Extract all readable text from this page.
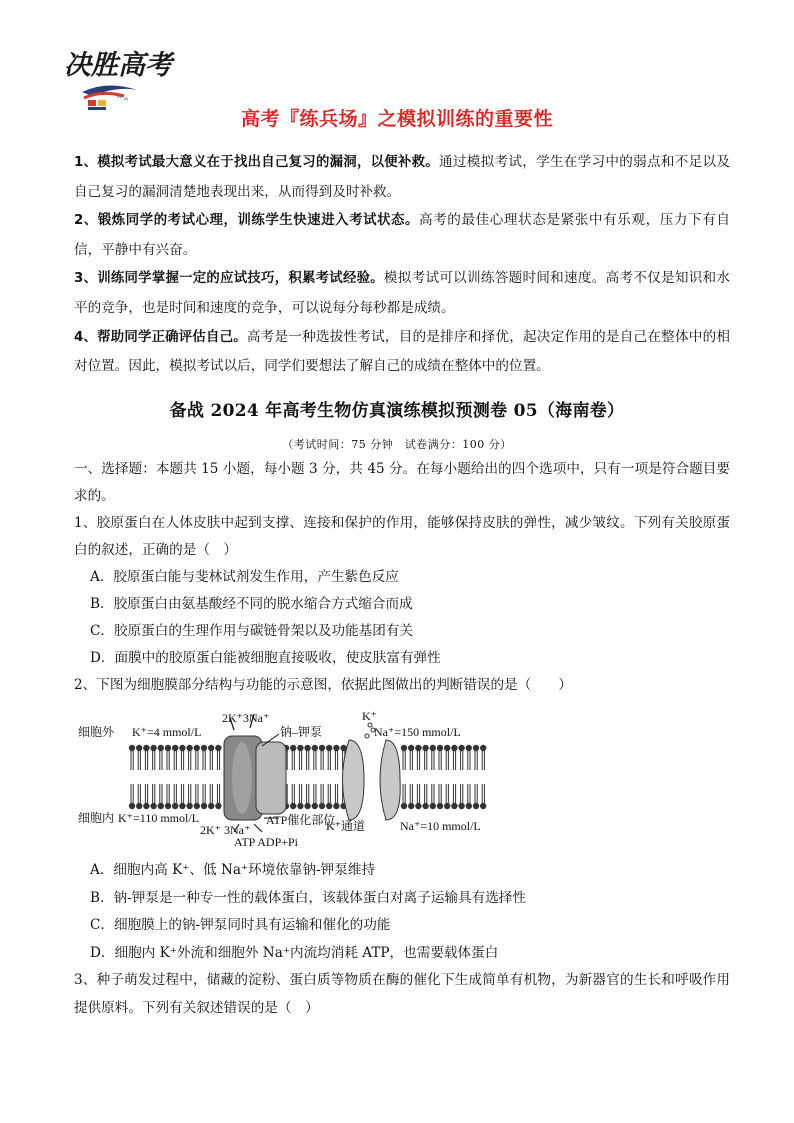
决胜高考
高考『练兵场』之模拟训练的重要性

1、模拟考试最大意义在于找出自己复习的漏洞，以便补救。通过模拟考试，学生在学习中的弱点和不足以及自己复习的漏洞清楚地表现出来，从而得到及时补救。

2、锻炼同学的考试心理，训练学生快速进入考试状态。高考的最佳心理状态是紧张中有乐观，压力下有自信，平静中有兴奋。

3、训练同学掌握一定的应试技巧，积累考试经验。模拟考试可以训练答题时间和速度。高考不仅是知识和水平的竞争，也是时间和速度的竞争，可以说每分每秒都是成绩。

4、帮助同学正确评估自己。高考是一种选拔性考试，目的是排序和择优，起决定作用的是自己在整体中的相对位置。因此，模拟考试以后，同学们要想法了解自己的成绩在整体中的位置。

备战 2024 年高考生物仿真演练模拟预测卷 05（海南卷）
（考试时间：75 分钟　试卷满分：100 分）

一、选择题：本题共 15 小题，每小题 3 分，共 45 分。在每小题给出的四个选项中，只有一项是符合题目要求的。

1、胶原蛋白在人体皮肤中起到支撑、连接和保护的作用，能够保持皮肤的弹性，减少皱纹。下列有关胶原蛋白的叙述，正确的是（　）

A．胶原蛋白能与斐林试剂发生作用，产生紫色反应

B．胶原蛋白由氨基酸经不同的脱水缩合方式缩合而成

C．胶原蛋白的生理作用与碳链骨架以及功能基团有关

D．面膜中的胶原蛋白能被细胞直接吸收，使皮肤富有弹性

2、下图为细胞膜部分结构与功能的示意图，依据此图做出的判断错误的是（　　）

细胞外 K⁺=4 mmol/L	Na⁺=150 mmol/L
2K⁺3Na⁺
钠–钾泵
K⁺
细胞内 K⁺=110 mmol/L
2K⁺ 3Na⁺
ATP催化部位
ATP ADP+Pi
K⁺通道	Na⁺=10 mmol/L

A．细胞内高 K⁺、低 Na⁺环境依靠钠-钾泵维持

B．钠-钾泵是一种专一性的载体蛋白，该载体蛋白对离子运输具有选择性

C．细胞膜上的钠-钾泵同时具有运输和催化的功能

D．细胞内 K⁺外流和细胞外 Na⁺内流均消耗 ATP，也需要载体蛋白

3、种子萌发过程中，储藏的淀粉、蛋白质等物质在酶的催化下生成简单有机物，为新器官的生长和呼吸作用提供原料。下列有关叙述错误的是（　）
